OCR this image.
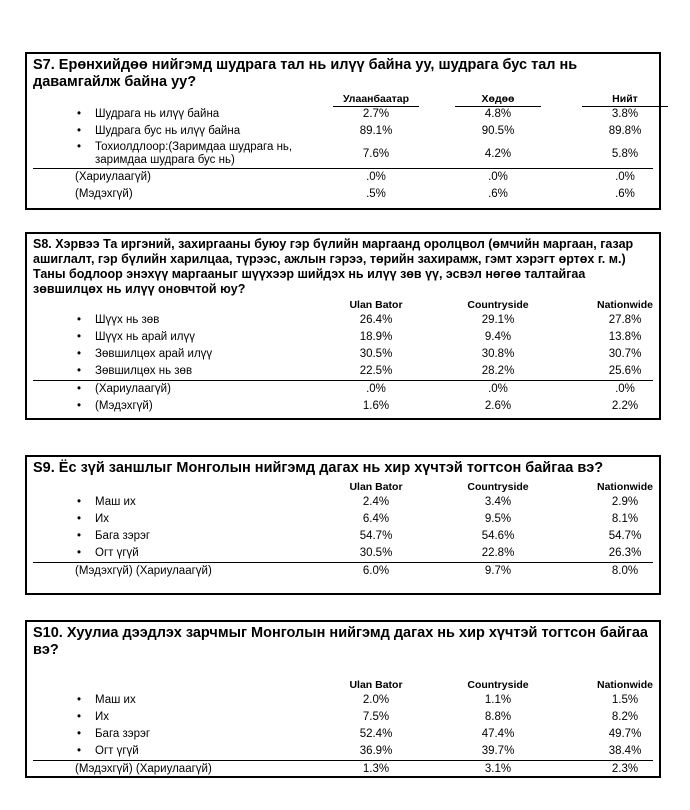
S7. Ерөнхийдөө нийгэмд шудрага тал нь илүү байна уу, шудрага бус тал нь давамгайлж байна уу?
Улаанбаатар	Хөдөө	Нийт
• Шудрага нь илүү байна	2.7%	4.8%	3.8%
• Шудрага бус нь илүү байна	89.1%	90.5%	89.8%
• Тохиолдлоор:(Заримдаа шудрага нь, заримдаа шудрага бус нь)	7.6%	4.2%	5.8%
(Хариулаагүй)	.0%	.0%	.0%
(Мэдэхгүй)	.5%	.6%	.6%
S8. Хэрвээ Та иргэний, захиргааны буюу гэр бүлийн маргаанд оролцвол (өмчийн маргаан, газар ашиглалт, гэр бүлийн харилцаа, түрээс, ажлын гэрээ, төрийн захирамж, гэмт хэрэгт өртөх г. м.) Таны бодлоор энэхүү маргааныг шүүхээр шийдэх нь илүү зөв үү, эсвэл нөгөө талтайгаа зөвшилцөх нь илүү оновчтой юу?
Ulan Bator	Countryside	Nationwide
• Шүүх нь зөв	26.4%	29.1%	27.8%
• Шүүх нь арай илүү	18.9%	9.4%	13.8%
• Зөвшилцөх арай илүү	30.5%	30.8%	30.7%
• Зөвшилцөх нь зөв	22.5%	28.2%	25.6%
• (Хариулаагүй)	.0%	.0%	.0%
• (Мэдэхгүй)	1.6%	2.6%	2.2%
S9. Ёс зүй заншлыг Монголын нийгэмд дагах нь хир хүчтэй тогтсон байгаа вэ?
Ulan Bator	Countryside	Nationwide
• Маш их	2.4%	3.4%	2.9%
• Их	6.4%	9.5%	8.1%
• Бага зэрэг	54.7%	54.6%	54.7%
• Огт үгүй	30.5%	22.8%	26.3%
(Мэдэхгүй) (Хариулаагүй)	6.0%	9.7%	8.0%
S10. Хуулиа дээдлэх зарчмыг Монголын нийгэмд дагах нь хир хүчтэй тогтсон байгаа вэ?
Ulan Bator	Countryside	Nationwide
• Маш их	2.0%	1.1%	1.5%
• Их	7.5%	8.8%	8.2%
• Бага зэрэг	52.4%	47.4%	49.7%
• Огт үгүй	36.9%	39.7%	38.4%
(Мэдэхгүй) (Хариулаагүй)	1.3%	3.1%	2.3%
